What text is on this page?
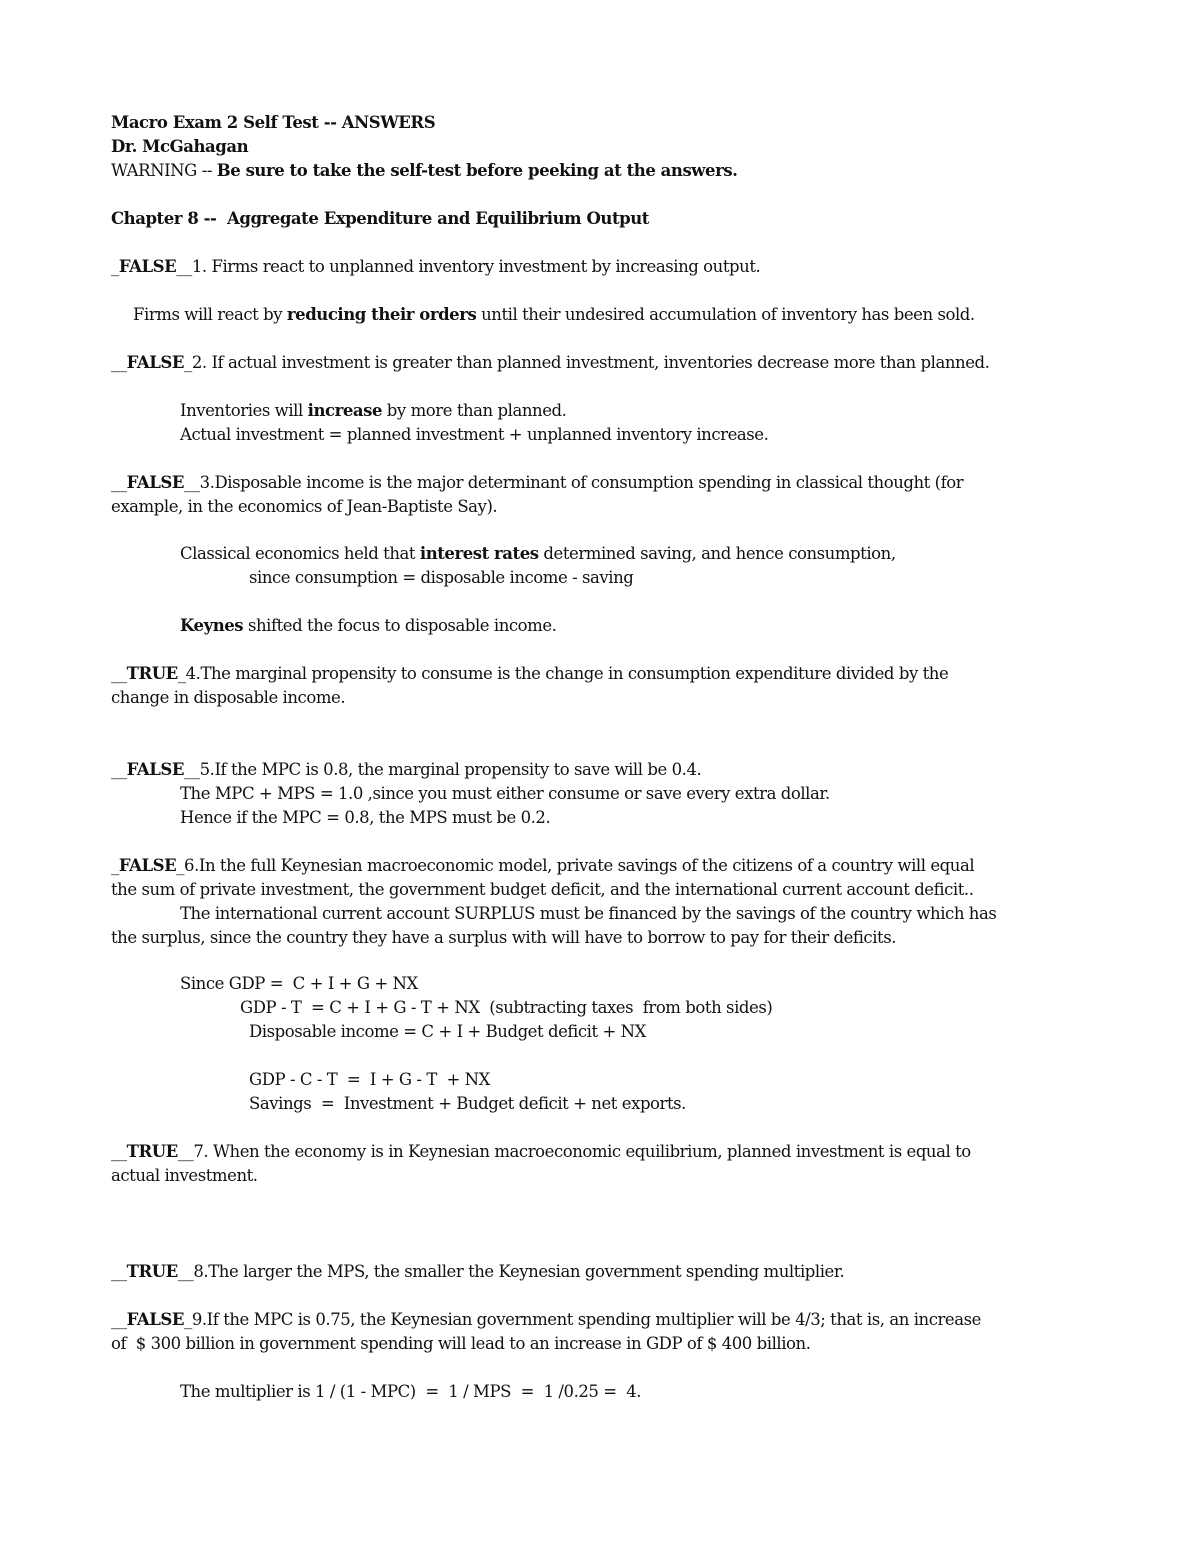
Macro Exam 2 Self Test -- ANSWERS
Dr. McGahagan
WARNING -- Be sure to take the self-test before peeking at the answers.
Chapter 8 --  Aggregate Expenditure and Equilibrium Output
_FALSE__1. Firms react to unplanned inventory investment by increasing output.
Firms will react by reducing their orders until their undesired accumulation of inventory has been sold.
__FALSE_2. If actual investment is greater than planned investment, inventories decrease more than planned.
Inventories will increase by more than planned.
Actual investment = planned investment + unplanned inventory increase.
__FALSE__3.Disposable income is the major determinant of consumption spending in classical thought (for
example, in the economics of Jean-Baptiste Say).
Classical economics held that interest rates determined saving, and hence consumption,
since consumption = disposable income - saving
Keynes shifted the focus to disposable income.
__TRUE_4.The marginal propensity to consume is the change in consumption expenditure divided by the
change in disposable income.
__FALSE__5.If the MPC is 0.8, the marginal propensity to save will be 0.4.
The MPC + MPS = 1.0 ,since you must either consume or save every extra dollar.
Hence if the MPC = 0.8, the MPS must be 0.2.
_FALSE_6.In the full Keynesian macroeconomic model, private savings of the citizens of a country will equal
the sum of private investment, the government budget deficit, and the international current account deficit..
The international current account SURPLUS must be financed by the savings of the country which has
the surplus, since the country they have a surplus with will have to borrow to pay for their deficits.
Since GDP =  C + I + G + NX
GDP - T  = C + I + G - T + NX  (subtracting taxes  from both sides)
Disposable income = C + I + Budget deficit + NX
GDP - C - T  =  I + G - T  + NX
Savings  =  Investment + Budget deficit + net exports.
__TRUE__7. When the economy is in Keynesian macroeconomic equilibrium, planned investment is equal to
actual investment.
__TRUE__8.The larger the MPS, the smaller the Keynesian government spending multiplier.
__FALSE_9.If the MPC is 0.75, the Keynesian government spending multiplier will be 4/3; that is, an increase
of  $ 300 billion in government spending will lead to an increase in GDP of $ 400 billion.
The multiplier is 1 / (1 - MPC)  =  1 / MPS  =  1 /0.25 =  4.
